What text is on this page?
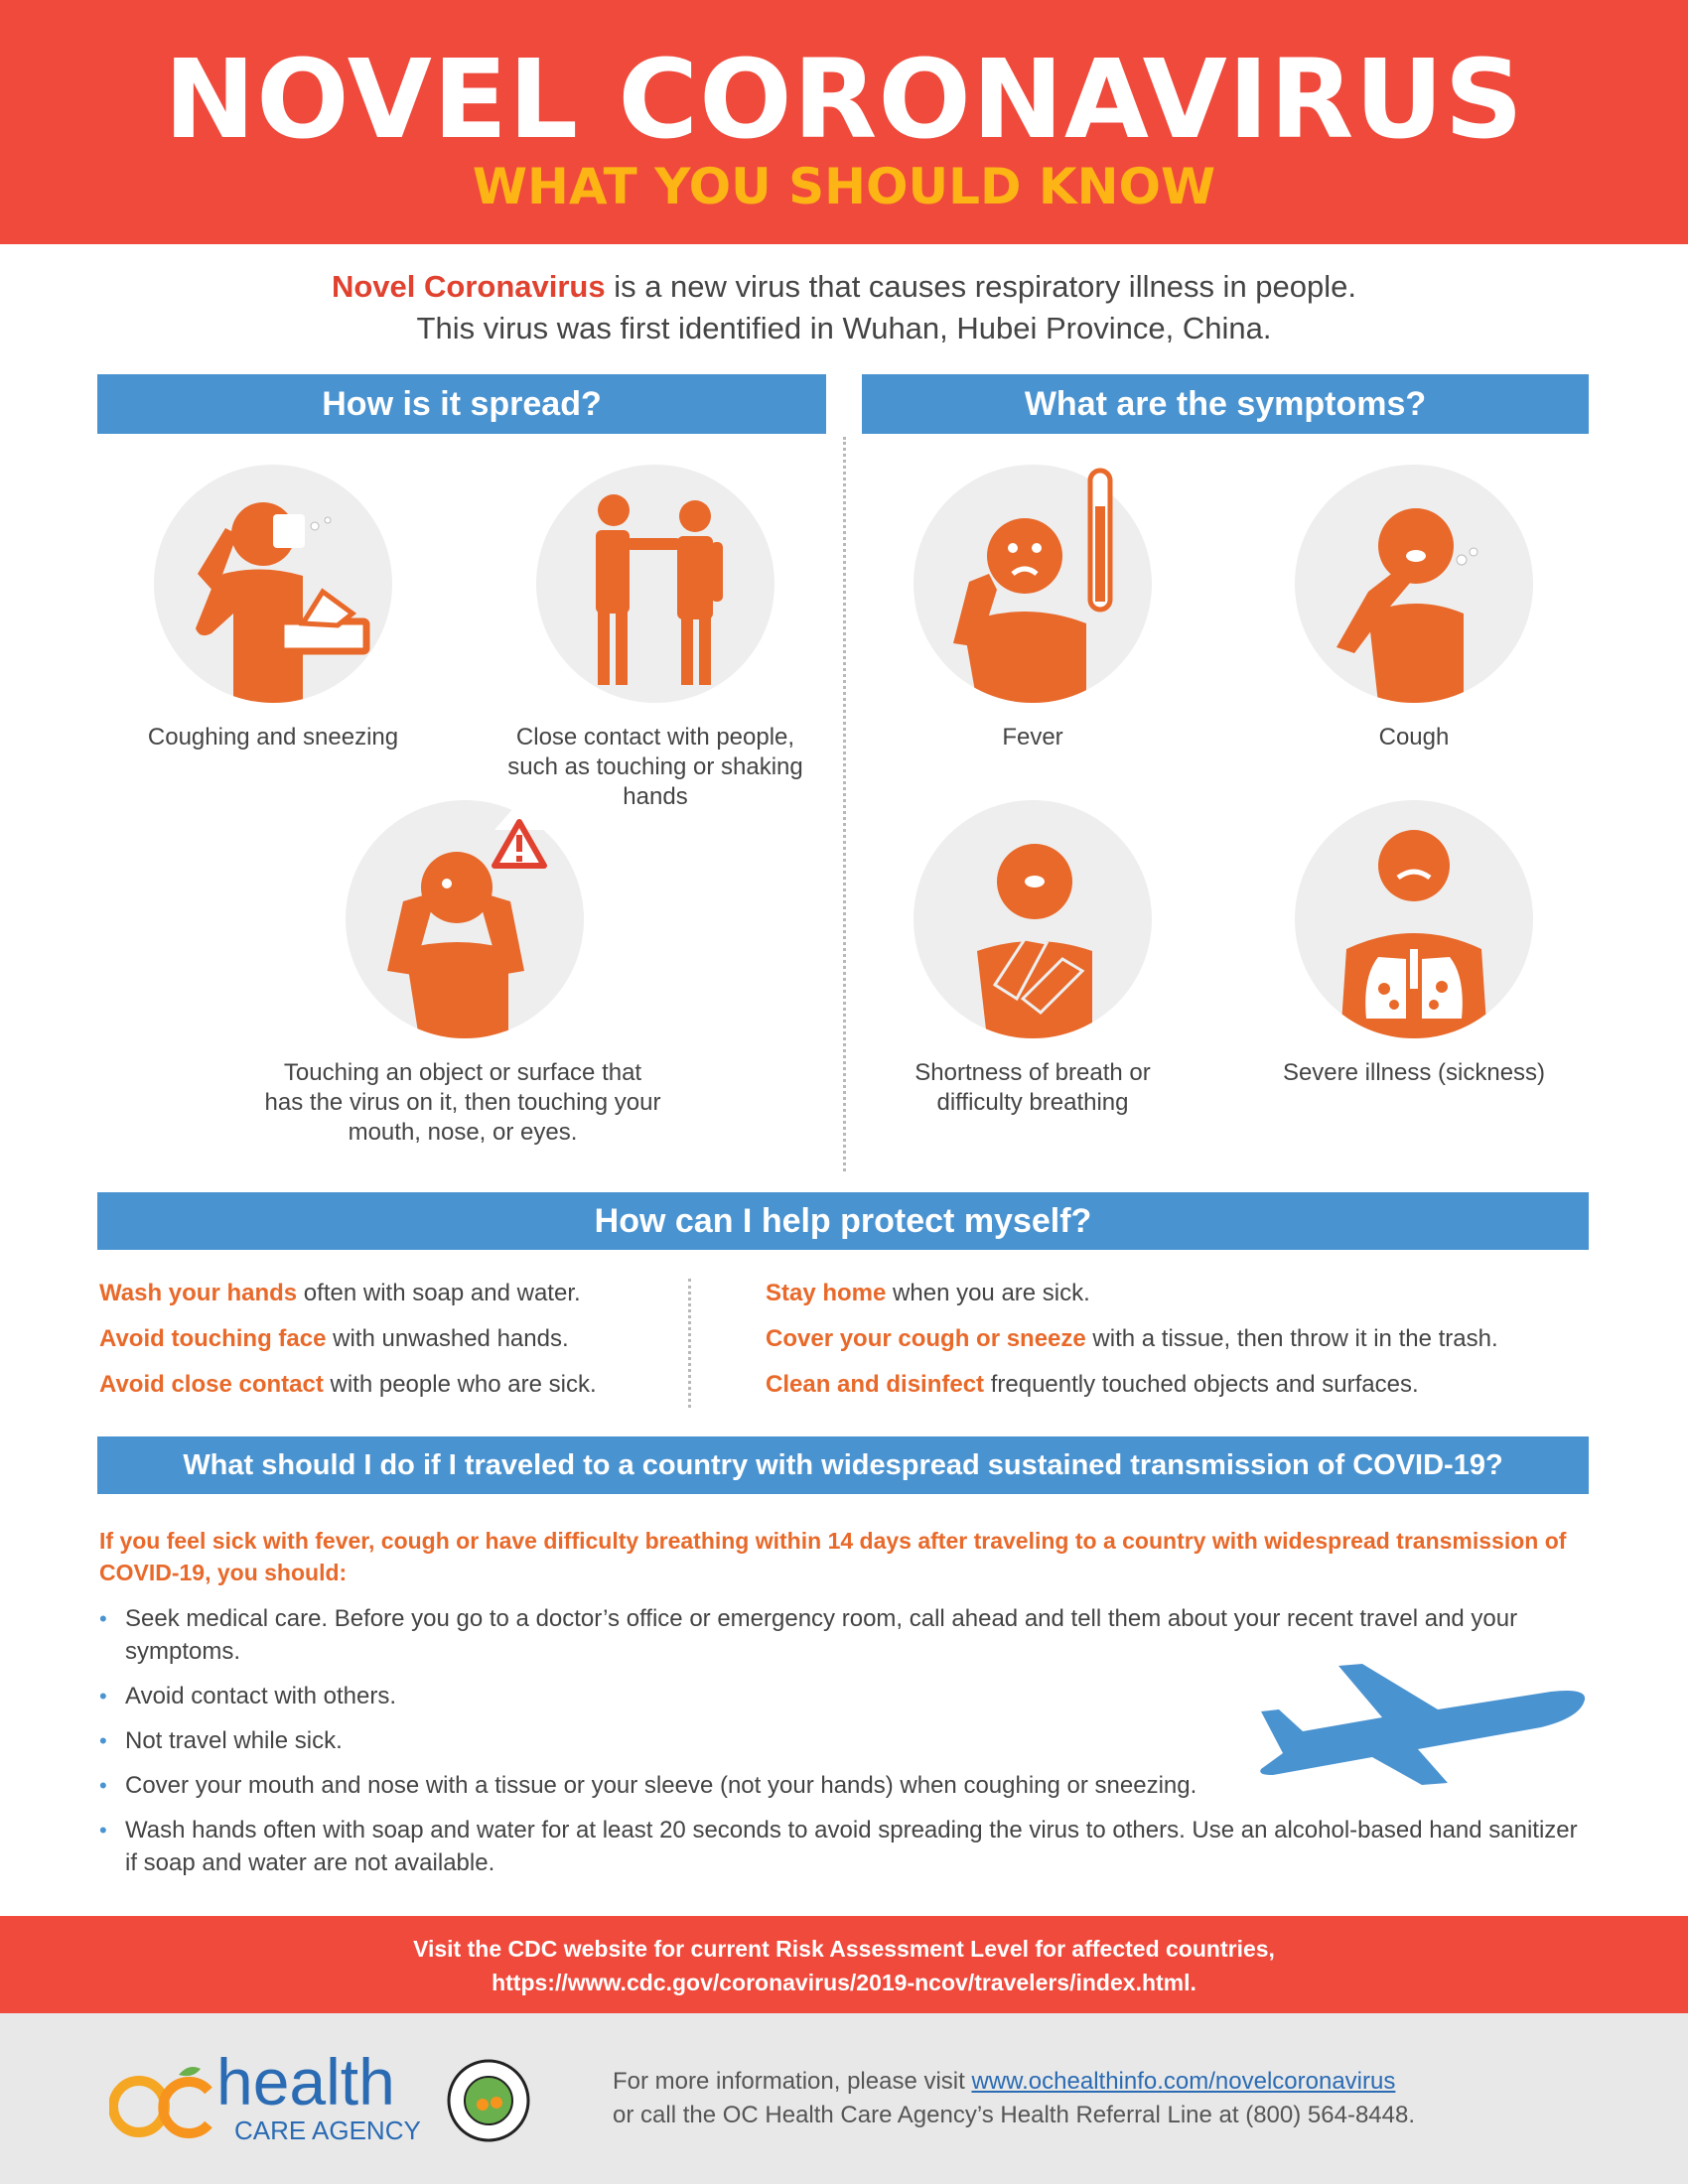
NOVEL CORONAVIRUS
WHAT YOU SHOULD KNOW
Novel Coronavirus is a new virus that causes respiratory illness in people.
This virus was first identified in Wuhan, Hubei Province, China.
How is it spread?	What are the symptoms?
Coughing and sneezing	Close contact with people, such as touching or shaking hands
Touching an object or surface that has the virus on it, then touching your mouth, nose, or eyes.
Fever	Cough
Shortness of breath or difficulty breathing
Severe illness (sickness)
How can I help protect myself?
Wash your hands often with soap and water.
Avoid touching face with unwashed hands.
Avoid close contact with people who are sick.
Stay home when you are sick.
Cover your cough or sneeze with a tissue, then throw it in the trash.
Clean and disinfect frequently touched objects and surfaces.
What should I do if I traveled to a country with widespread sustained transmission of COVID-19?
If you feel sick with fever, cough or have difficulty breathing within 14 days after traveling to a country with widespread transmission of COVID-19, you should:
• Seek medical care. Before you go to a doctor’s office or emergency room, call ahead and tell them about your recent travel and your symptoms.
• Avoid contact with others.
• Not travel while sick.
• Cover your mouth and nose with a tissue or your sleeve (not your hands) when coughing or sneezing.
• Wash hands often with soap and water for at least 20 seconds to avoid spreading the virus to others. Use an alcohol-based hand sanitizer if soap and water are not available.
Visit the CDC website for current Risk Assessment Level for affected countries,
https://www.cdc.gov/coronavirus/2019-ncov/travelers/index.html.
health
CARE AGENCY
For more information, please visit www.ochealthinfo.com/novelcoronavirus
or call the OC Health Care Agency’s Health Referral Line at (800) 564-8448.
